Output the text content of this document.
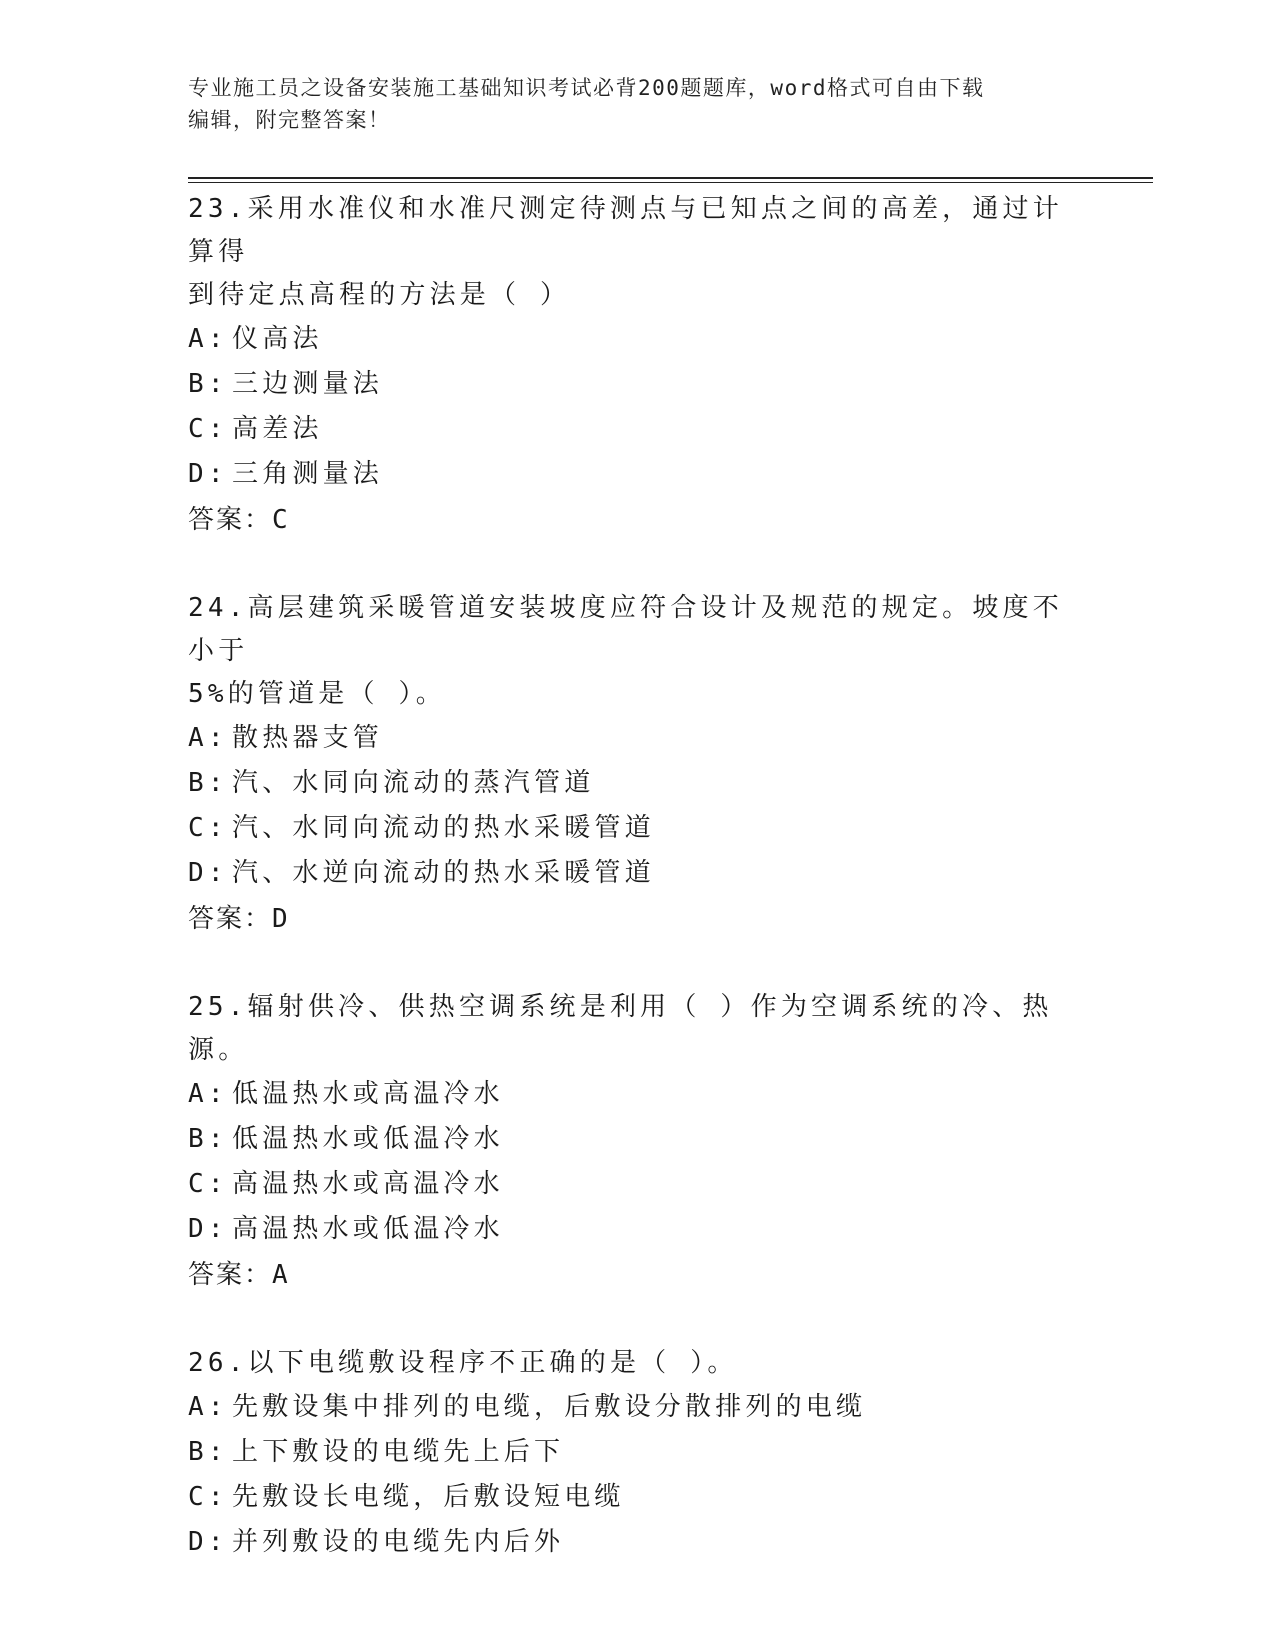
专业施工员之设备安装施工基础知识考试必背200题题库，word格式可自由下载
编辑，附完整答案！

23.采用水准仪和水准尺测定待测点与已知点之间的高差，通过计算得

到待定点高程的方法是（ ）

A: 仪高法

B: 三边测量法

C: 高差法

D: 三角测量法

答案：C

24.高层建筑采暖管道安装坡度应符合设计及规范的规定。坡度不小于

5%的管道是（ ）。

A: 散热器支管

B: 汽、水同向流动的蒸汽管道

C: 汽、水同向流动的热水采暖管道

D: 汽、水逆向流动的热水采暖管道

答案：D

25.辐射供冷、供热空调系统是利用（ ）作为空调系统的冷、热源。

A: 低温热水或高温冷水

B: 低温热水或低温冷水

C: 高温热水或高温冷水

D: 高温热水或低温冷水

答案：A

26.以下电缆敷设程序不正确的是（ ）。

A: 先敷设集中排列的电缆，后敷设分散排列的电缆

B: 上下敷设的电缆先上后下

C: 先敷设长电缆，后敷设短电缆

D: 并列敷设的电缆先内后外
